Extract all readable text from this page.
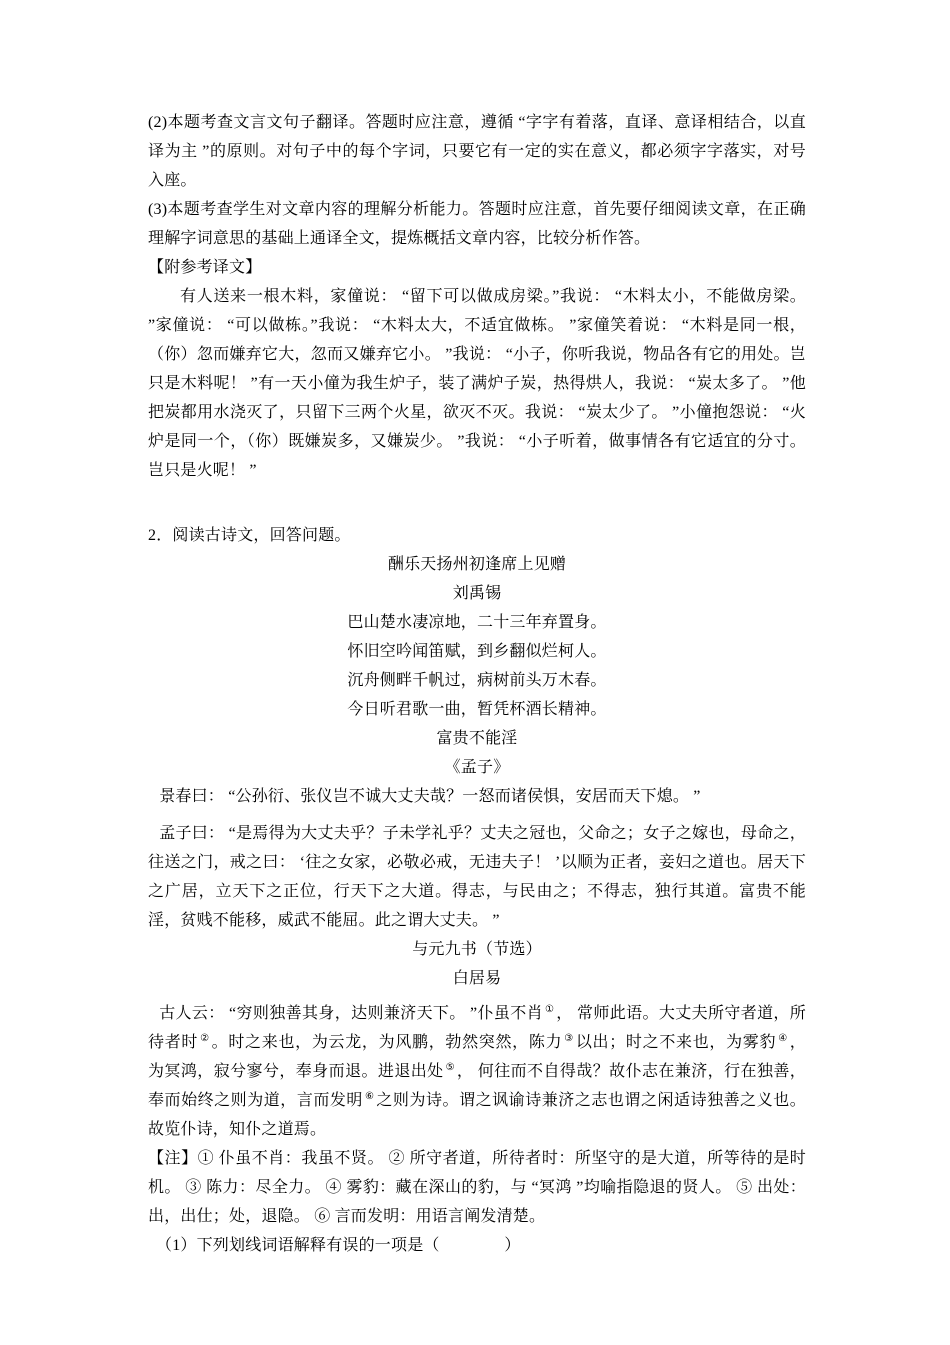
(2)本题考查文言文句子翻译。答题时应注意，遵循 “字字有着落，直译、意译相结合，以直译为主 ”的原则。对句子中的每个字词，只要它有一定的实在意义，都必须字字落实，对号入座。

(3)本题考查学生对文章内容的理解分析能力。答题时应注意，首先要仔细阅读文章，在正确理解字词意思的基础上通译全文，提炼概括文章内容，比较分析作答。

【附参考译文】

有人送来一根木料，家僮说： “留下可以做成房梁。”我说： “木料太小，不能做房梁。 ”家僮说： “可以做栋。”我说： “木料太大，不适宜做栋。 ”家僮笑着说： “木料是同一根，（你）忽而嫌弃它大，忽而又嫌弃它小。 ”我说： “小子，你听我说，物品各有它的用处。岂只是木料呢！ ”有一天小僮为我生炉子，装了满炉子炭，热得烘人，我说： “炭太多了。 ”他把炭都用水浇灭了，只留下三两个火星，欲灭不灭。我说： “炭太少了。 ”小僮抱怨说： “火炉是同一个，（你）既嫌炭多，又嫌炭少。 ”我说： “小子听着，做事情各有它适宜的分寸。岂只是火呢！ ”

2．阅读古诗文，回答问题。

酬乐天扬州初逢席上见赠

刘禹锡

巴山楚水凄凉地，二十三年弃置身。

怀旧空吟闻笛赋，到乡翻似烂柯人。

沉舟侧畔千帆过，病树前头万木春。

今日听君歌一曲，暂凭杯酒长精神。

富贵不能淫

《孟子》

景春曰： “公孙衍、张仪岂不诚大丈夫哉？一怒而诸侯惧，安居而天下熄。 ”

孟子曰： “是焉得为大丈夫乎？子未学礼乎？丈夫之冠也，父命之；女子之嫁也，母命之，往送之门，戒之曰： ‘往之女家，必敬必戒，无违夫子！ ’以顺为正者，妾妇之道也。居天下之广居，立天下之正位，行天下之大道。得志，与民由之；不得志，独行其道。富贵不能淫，贫贱不能移，威武不能屈。此之谓大丈夫。 ”

与元九书（节选）

白居易

古人云： “穷则独善其身，达则兼济天下。 ”仆虽不肖 ① ， 常师此语。大丈夫所守者道，所待者时 ② 。时之来也，为云龙，为风鹏，勃然突然，陈力 ③ 以出；时之不来也，为雾豹 ④ ， 为冥鸿，寂兮寥兮，奉身而退。进退出处 ⑤ ， 何往而不自得哉？故仆志在兼济，行在独善，奉而始终之则为道，言而发明 ⑥ 之则为诗。谓之讽谕诗兼济之志也谓之闲适诗独善之义也。故览仆诗，知仆之道焉。

【注】① 仆虽不肖：我虽不贤。 ② 所守者道，所待者时：所坚守的是大道，所等待的是时机。 ③ 陈力：尽全力。 ④ 雾豹：藏在深山的豹，与 “冥鸿 ”均喻指隐退的贤人。 ⑤ 出处：出，出仕；处，退隐。 ⑥ 言而发明：用语言阐发清楚。

（1）下列划线词语解释有误的一项是（　　　　）
